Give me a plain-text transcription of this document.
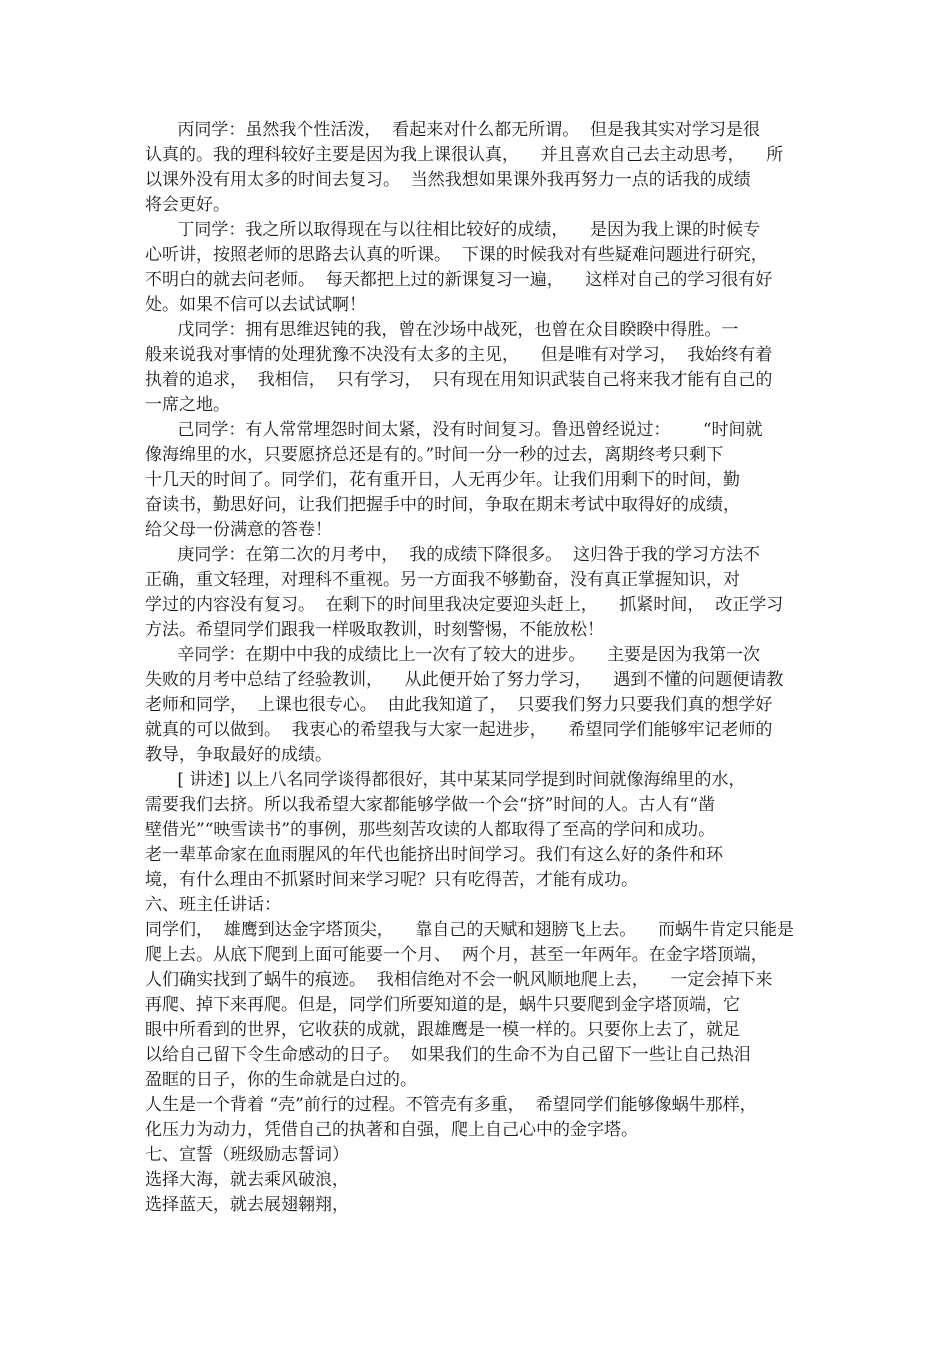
丙同学：虽然我个性活泼，  看起来对什么都无所谓。  但是我其实对学习是很
认真的。我的理科较好主要是因为我上课很认真，    并且喜欢自己去主动思考，    所
以课外没有用太多的时间去复习。  当然我想如果课外我再努力一点的话我的成绩
将会更好。
丁同学：我之所以取得现在与以往相比较好的成绩，    是因为我上课的时候专
心听讲，按照老师的思路去认真的听课。  下课的时候我对有些疑难问题进行研究，
不明白的就去问老师。  每天都把上过的新课复习一遍，    这样对自己的学习很有好
处。如果不信可以去试试啊！
戊同学：拥有思维迟钝的我，曾在沙场中战死，也曾在众目睽睽中得胜。一
般来说我对事情的处理犹豫不决没有太多的主见，    但是唯有对学习，  我始终有着
执着的追求，  我相信，  只有学习，  只有现在用知识武装自己将来我才能有自己的
一席之地。
己同学：有人常常埋怨时间太紧，没有时间复习。鲁迅曾经说过：      “时间就
像海绵里的水，只要愿挤总还是有的。”时间一分一秒的过去，离期终考只剩下
十几天的时间了。同学们，花有重开日，人无再少年。让我们用剩下的时间，勤
奋读书，勤思好问，让我们把握手中的时间，争取在期末考试中取得好的成绩，
给父母一份满意的答卷！
庚同学：在第二次的月考中，  我的成绩下降很多。  这归咎于我的学习方法不
正确，重文轻理，对理科不重视。另一方面我不够勤奋，没有真正掌握知识，对
学过的内容没有复习。  在剩下的时间里我决定要迎头赶上，    抓紧时间，  改正学习
方法。希望同学们跟我一样吸取教训，时刻警惕，不能放松！
辛同学：在期中中我的成绩比上一次有了较大的进步。    主要是因为我第一次
失败的月考中总结了经验教训，    从此便开始了努力学习，    遇到不懂的问题便请教
老师和同学，  上课也很专心。  由此我知道了，  只要我们努力只要我们真的想学好
就真的可以做到。  我衷心的希望我与大家一起进步，    希望同学们能够牢记老师的
教导，争取最好的成绩。
[ 讲述] 以上八名同学谈得都很好，其中某某同学提到时间就像海绵里的水，
需要我们去挤。所以我希望大家都能够学做一个会“挤”时间的人。古人有“凿
壁借光”“映雪读书”的事例，那些刻苦攻读的人都取得了至高的学问和成功。
老一辈革命家在血雨腥风的年代也能挤出时间学习。我们有这么好的条件和环
境，有什么理由不抓紧时间来学习呢？只有吃得苦，才能有成功。
六、班主任讲话：
同学们，  雄鹰到达金字塔顶尖，    靠自己的天赋和翅膀飞上去。    而蜗牛肯定只能是
爬上去。从底下爬到上面可能要一个月、  两个月，甚至一年两年。在金字塔顶端，
人们确实找到了蜗牛的痕迹。  我相信绝对不会一帆风顺地爬上去，    一定会掉下来
再爬、掉下来再爬。但是，同学们所要知道的是，蜗牛只要爬到金字塔顶端，它
眼中所看到的世界，它收获的成就，跟雄鹰是一模一样的。只要你上去了，就足
以给自己留下令生命感动的日子。  如果我们的生命不为自己留下一些让自己热泪
盈眶的日子，你的生命就是白过的。
人生是一个背着 “壳”前行的过程。不管壳有多重，  希望同学们能够像蜗牛那样，
化压力为动力，凭借自己的执著和自强，爬上自己心中的金字塔。
七、宣誓（班级励志誓词）
选择大海，就去乘风破浪，
选择蓝天，就去展翅翱翔，
